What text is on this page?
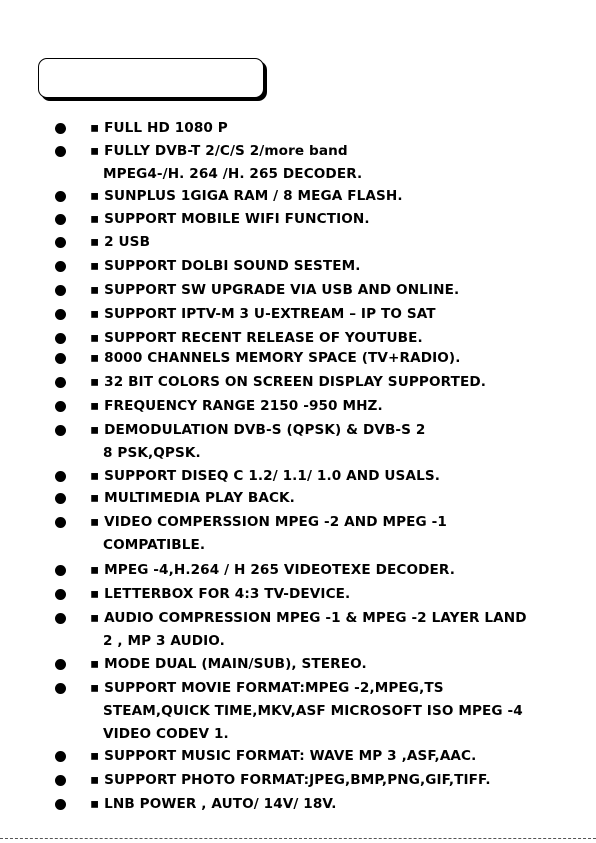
▪ FULL HD 1080 P
▪ FULLY DVB-T 2/C/S 2/more band
MPEG4-/H. 264 /H. 265 DECODER.
▪ SUNPLUS 1GIGA RAM / 8 MEGA FLASH.
▪ SUPPORT MOBILE WIFI FUNCTION.
▪ 2 USB
▪ SUPPORT DOLBI SOUND SESTEM.
▪ SUPPORT SW UPGRADE VIA USB AND ONLINE.
▪ SUPPORT IPTV-M 3 U-EXTREAM – IP TO SAT
▪ SUPPORT RECENT RELEASE OF YOUTUBE.
▪ 8000 CHANNELS MEMORY SPACE (TV+RADIO).
▪ 32 BIT COLORS ON SCREEN DISPLAY SUPPORTED.
▪ FREQUENCY RANGE 2150 -950 MHZ.
▪ DEMODULATION DVB-S (QPSK) & DVB-S 2
8 PSK,QPSK.
▪ SUPPORT DISEQ C 1.2/ 1.1/ 1.0 AND USALS.
▪ MULTIMEDIA PLAY BACK.
▪ VIDEO COMPERSSION MPEG -2 AND MPEG -1
COMPATIBLE.
▪ MPEG -4,H.264 / H 265 VIDEOTEXE DECODER.
▪ LETTERBOX FOR 4:3 TV-DEVICE.
▪ AUDIO COMPRESSION MPEG -1 & MPEG -2 LAYER LAND
2 , MP 3 AUDIO.
▪ MODE DUAL (MAIN/SUB), STEREO.
▪ SUPPORT MOVIE FORMAT:MPEG -2,MPEG,TS
STEAM,QUICK TIME,MKV,ASF MICROSOFT ISO MPEG -4
VIDEO CODEV 1.
▪ SUPPORT MUSIC FORMAT: WAVE MP 3 ,ASF,AAC.
▪ SUPPORT PHOTO FORMAT:JPEG,BMP,PNG,GIF,TIFF.
▪ LNB POWER , AUTO/ 14V/ 18V.
